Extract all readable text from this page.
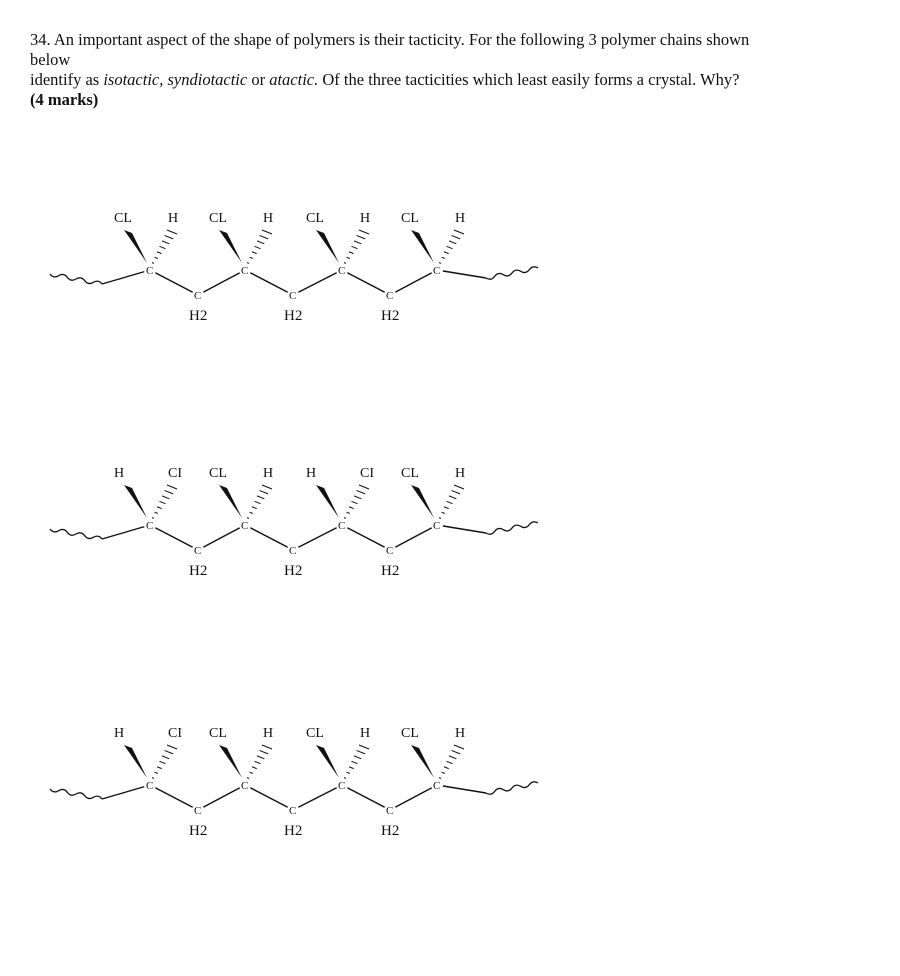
34. An important aspect of the shape of polymers is their tacticity. For the following 3 polymer chains shown

below

identify as isotactic, syndiotactic or atactic. Of the three tacticities which least easily forms a crystal. Why?

(4 marks)

C
CL	H
C
CL	H
C
CL	H
C
CL	H
C
H2
C
H2
C
H2
C
H	CI
C
CL	H
C
H	CI
C
CL	H
C
H2
C
H2
C
H2
C
H	CI
C
CL	H
C
CL	H
C
CL	H
C
H2
C
H2
C
H2
